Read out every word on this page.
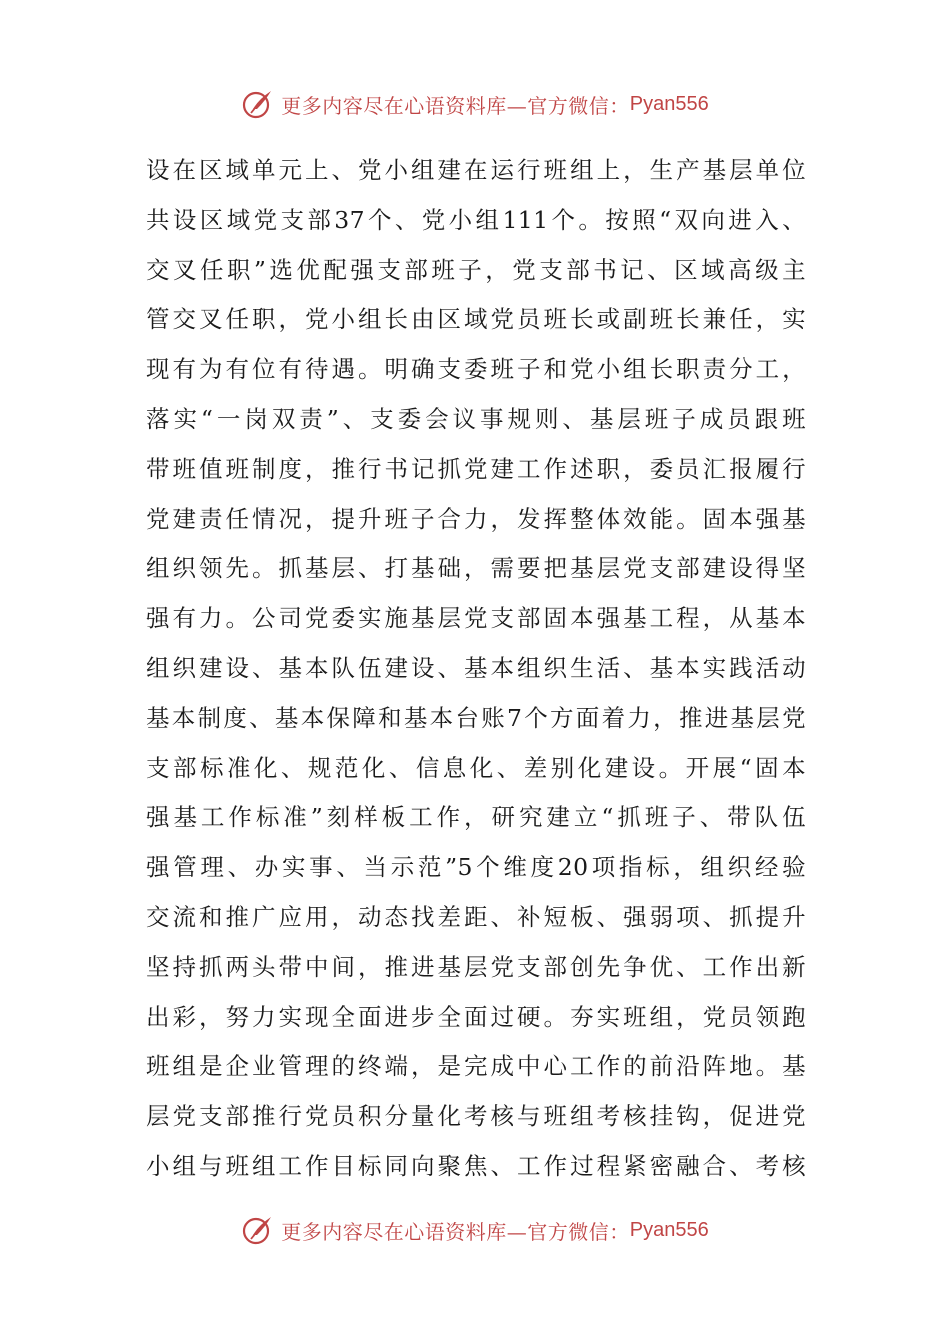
更多内容尽在心语资料库—官方微信： Pyan556
设在区域单元上、党小组建在运行班组上，生产基层单位
共设区域党支部37个、党小组111个。按照“双向进入、
交叉任职”选优配强支部班子，党支部书记、区域高级主
管交叉任职，党小组长由区域党员班长或副班长兼任，实
现有为有位有待遇。明确支委班子和党小组长职责分工，
落实“一岗双责”、支委会议事规则、基层班子成员跟班
带班值班制度，推行书记抓党建工作述职，委员汇报履行
党建责任情况，提升班子合力，发挥整体效能。固本强基
组织领先。抓基层、打基础，需要把基层党支部建设得坚
强有力。公司党委实施基层党支部固本强基工程，从基本
组织建设、基本队伍建设、基本组织生活、基本实践活动
基本制度、基本保障和基本台账7个方面着力，推进基层党
支部标准化、规范化、信息化、差别化建设。开展“固本
强基工作标准”刻样板工作，研究建立“抓班子、带队伍
强管理、办实事、当示范”5个维度20项指标，组织经验
交流和推广应用，动态找差距、补短板、强弱项、抓提升
坚持抓两头带中间，推进基层党支部创先争优、工作出新
出彩，努力实现全面进步全面过硬。夯实班组，党员领跑
班组是企业管理的终端，是完成中心工作的前沿阵地。基
层党支部推行党员积分量化考核与班组考核挂钩，促进党
小组与班组工作目标同向聚焦、工作过程紧密融合、考核
更多内容尽在心语资料库—官方微信： Pyan556
